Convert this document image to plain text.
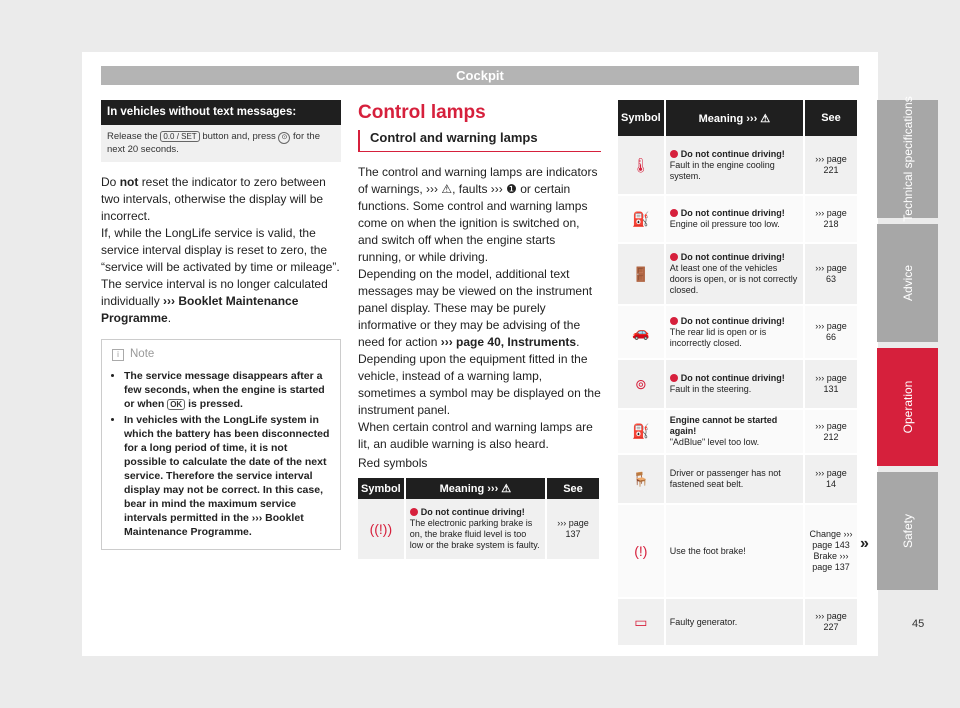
Cockpit
In vehicles without text messages:
Release the 0.0 / SET button and, press ⊙ for the next 20 seconds.

Do not reset the indicator to zero between two intervals, otherwise the display will be incorrect.

If, while the LongLife service is valid, the service interval display is reset to zero, the “service will be activated by time or mileage”. The service interval is no longer calculated individually ››› Booklet Maintenance Programme.

i Note
• The service message disappears after a few seconds, when the engine is started or when OK is pressed.
• In vehicles with the LongLife system in which the battery has been disconnected for a long period of time, it is not possible to calculate the date of the next service. Therefore the service interval display may not be correct. In this case, bear in mind the maximum service intervals permitted in the ››› Booklet Maintenance Programme.
Control lamps
Control and warning lamps

The control and warning lamps are indicators of warnings, ››› ⚠, faults ››› ❶ or certain functions. Some control and warning lamps come on when the ignition is switched on, and switch off when the engine starts running, or while driving.

Depending on the model, additional text messages may be viewed on the instrument panel display. These may be purely informative or they may be advising of the need for action ››› page 40, Instruments.

Depending upon the equipment fitted in the vehicle, instead of a warning lamp, sometimes a symbol may be displayed on the instrument panel.

When certain control and warning lamps are lit, an audible warning is also heard.

Red symbols

Symbol	Meaning ››› ⚠	See
((!))	Do not continue driving!
The electronic parking brake is on, the brake fluid level is too low or the brake system is faulty.	››› page 137
Symbol	Meaning ››› ⚠	See
🌡	Do not continue driving!
Fault in the engine cooling system.	››› page 221
⛽	Do not continue driving!
Engine oil pressure too low.	››› page 218
🚪	Do not continue driving!
At least one of the vehicles doors is open, or is not correctly closed.	››› page 63
🚗	Do not continue driving!
The rear lid is open or is incorrectly closed.	››› page 66
⊚	Do not continue driving!
Fault in the steering.	››› page 131
⛽	Engine cannot be started again!
"AdBlue" level too low.	››› page 212
🪑	Driver or passenger has not fastened seat belt.	››› page 14
(!)	Use the foot brake!	Change ››› page 143 Brake ››› page 137
▭	Faulty generator.	››› page 227
»
Technical specifications
Advice
Operation
Safety
45
